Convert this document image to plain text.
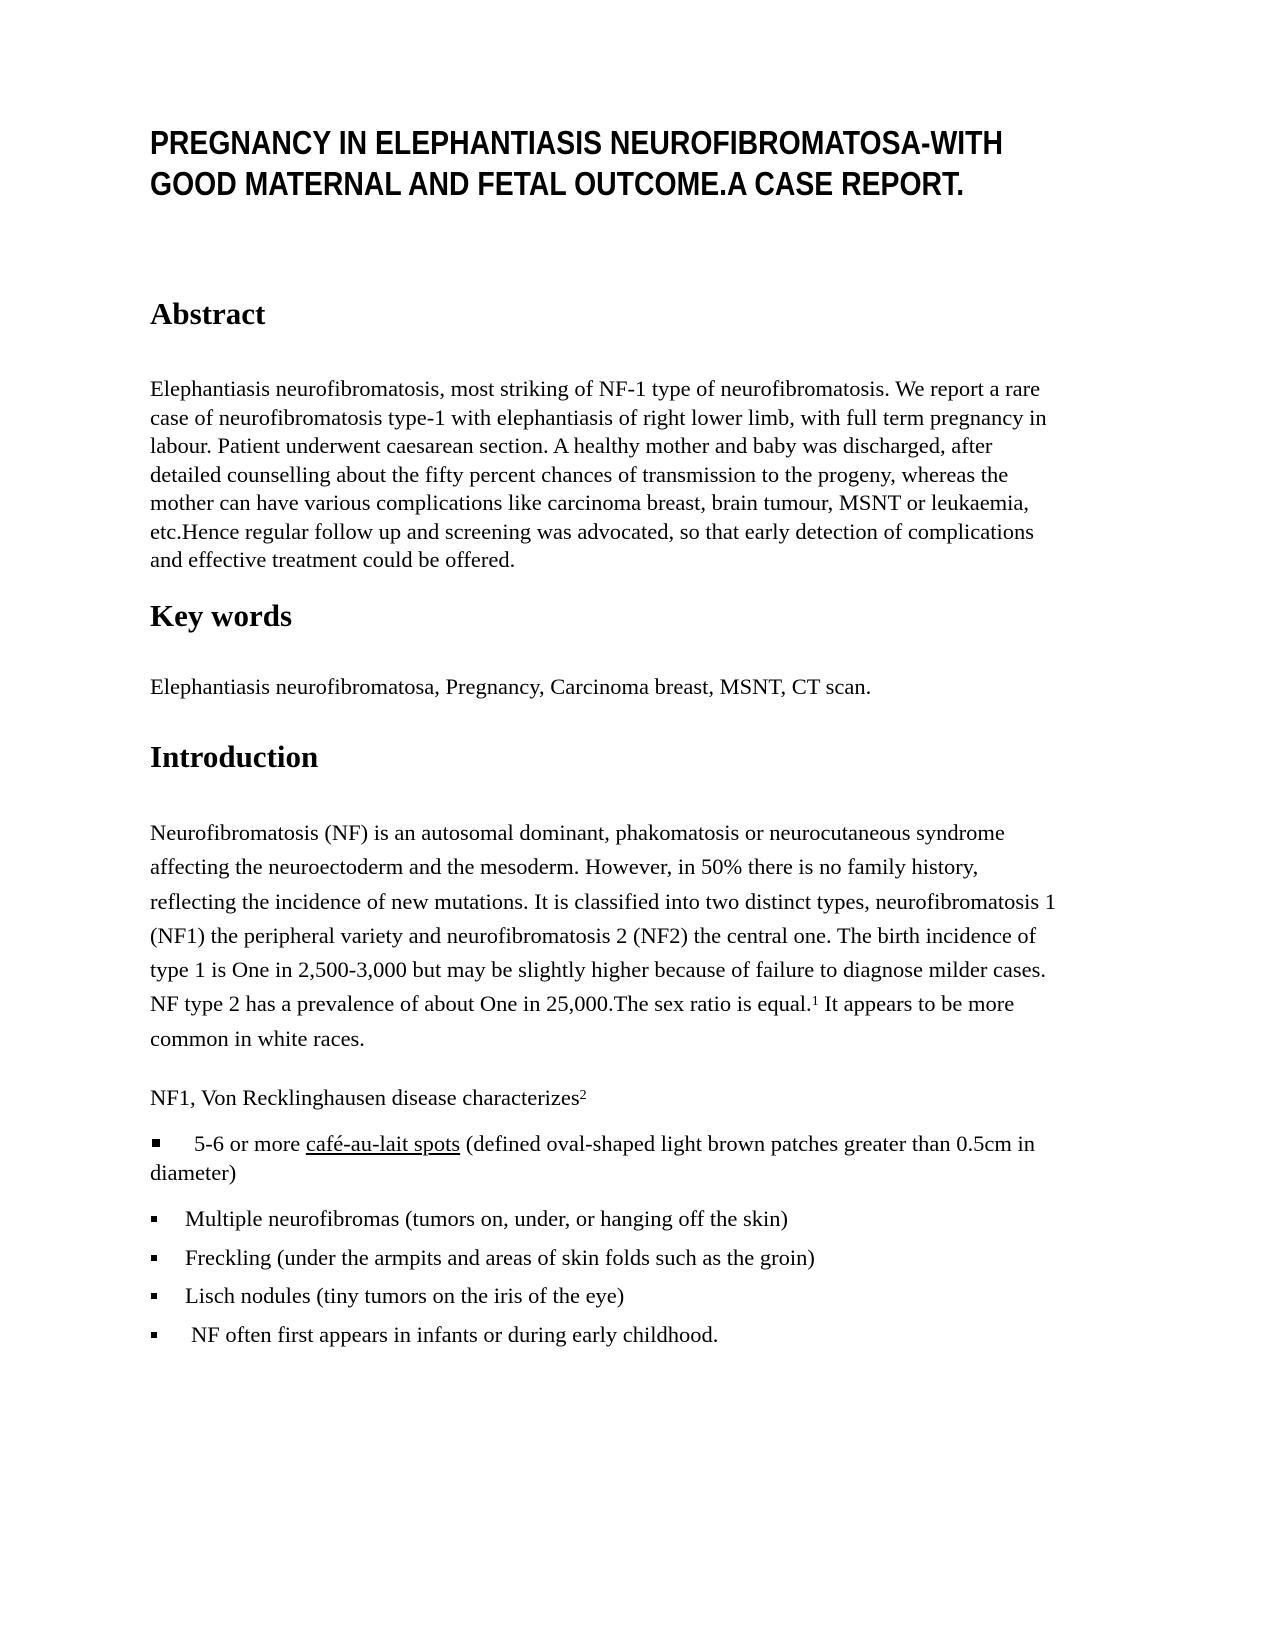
PREGNANCY IN ELEPHANTIASIS NEUROFIBROMATOSA-WITH
GOOD MATERNAL AND FETAL OUTCOME.A CASE REPORT.
Abstract
Elephantiasis neurofibromatosis, most striking of NF-1 type of neurofibromatosis. We report a rare
case of neurofibromatosis type-1 with elephantiasis of right lower limb, with full term pregnancy in
labour. Patient underwent caesarean section. A healthy mother and baby was discharged, after
detailed counselling about the fifty percent chances of transmission to the progeny, whereas the
mother can have various complications like carcinoma breast, brain tumour, MSNT or leukaemia,
etc.Hence regular follow up and screening was advocated, so that early detection of complications
and effective treatment could be offered.
Key words
Elephantiasis neurofibromatosa, Pregnancy, Carcinoma breast, MSNT, CT scan.
Introduction
Neurofibromatosis (NF) is an autosomal dominant, phakomatosis or neurocutaneous syndrome
affecting the neuroectoderm and the mesoderm. However, in 50% there is no family history,
reflecting the incidence of new mutations. It is classified into two distinct types, neurofibromatosis 1
(NF1) the peripheral variety and neurofibromatosis 2 (NF2) the central one. The birth incidence of
type 1 is One in 2,500-3,000 but may be slightly higher because of failure to diagnose milder cases.
NF type 2 has a prevalence of about One in 25,000.The sex ratio is equal.$^1$ It appears to be more
common in white races.
NF1, Von Recklinghausen disease characterizes$^2$
5-6 or more café-au-lait spots (defined oval-shaped light brown patches greater than 0.5cm in
diameter)
Multiple neurofibromas (tumors on, under, or hanging off the skin)
Freckling (under the armpits and areas of skin folds such as the groin)
Lisch nodules (tiny tumors on the iris of the eye)
NF often first appears in infants or during early childhood.
